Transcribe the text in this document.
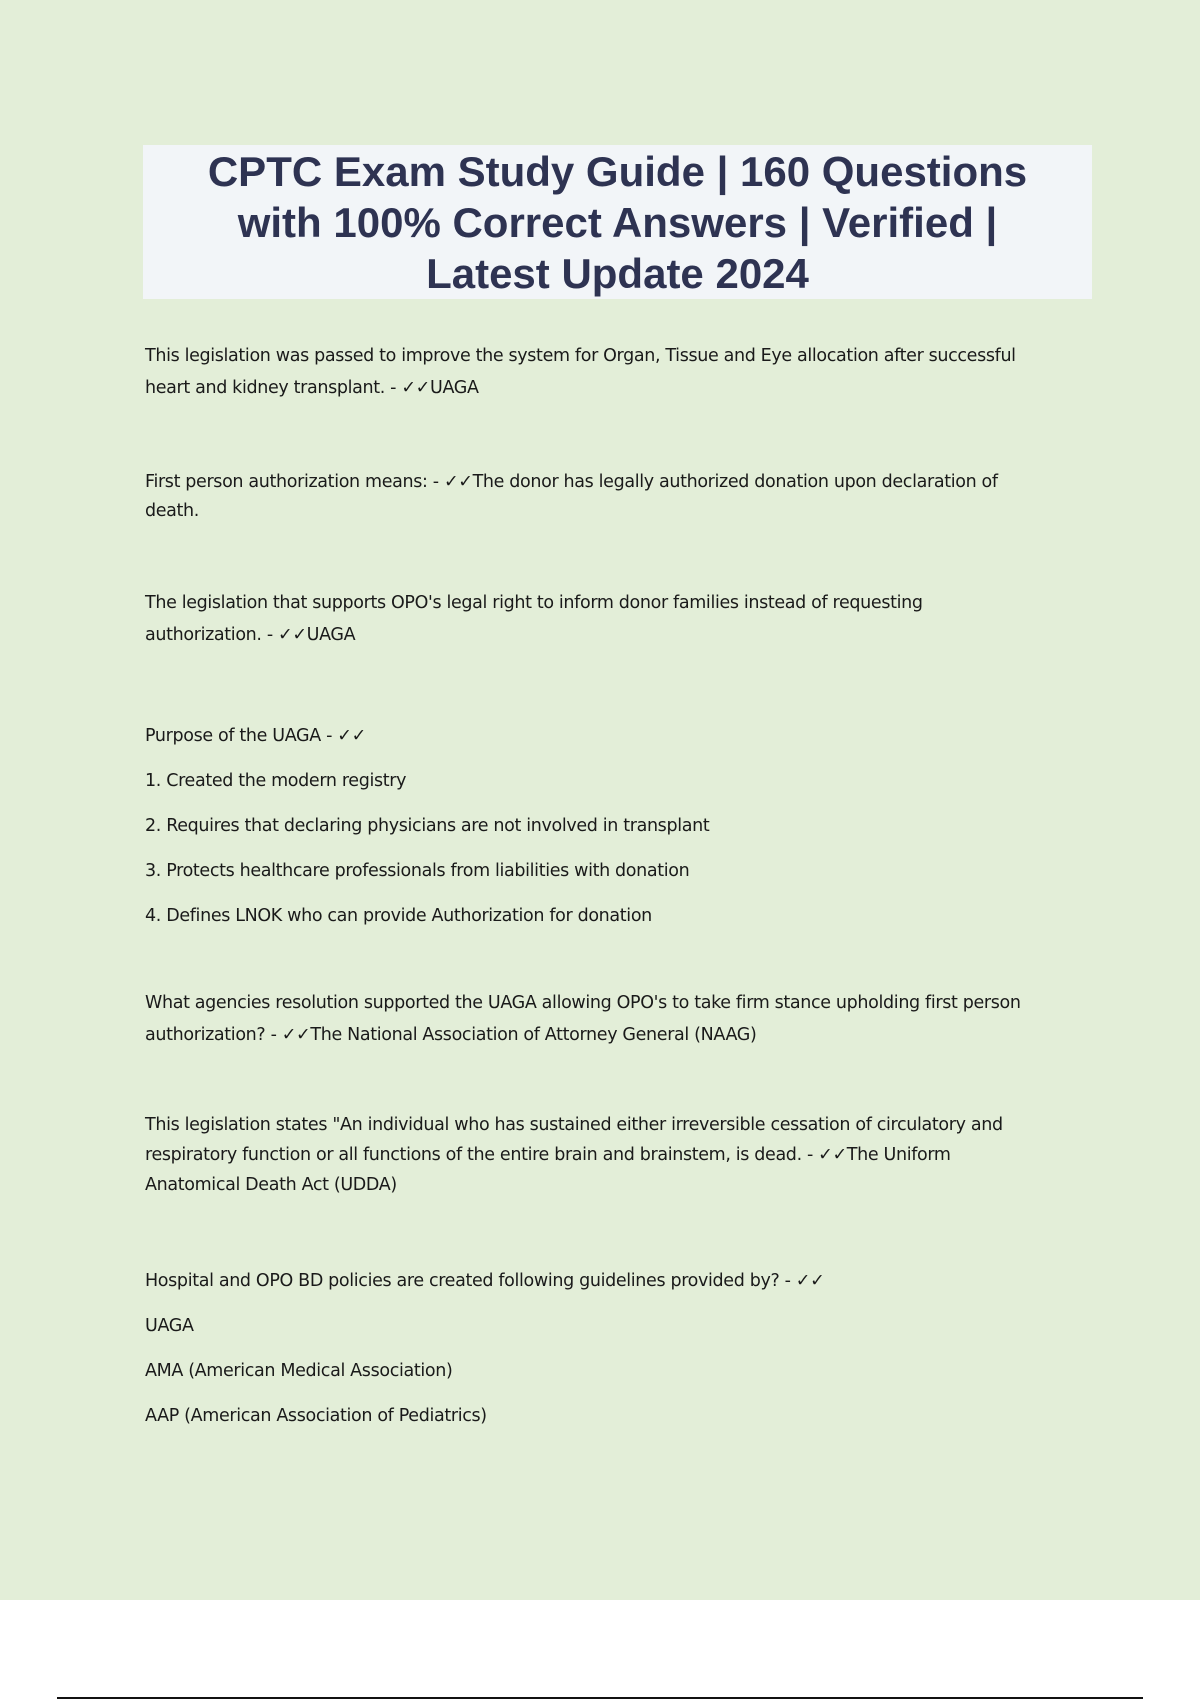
CPTC Exam Study Guide | 160 Questions
with 100% Correct Answers | Verified |
Latest Update 2024

This legislation was passed to improve the system for Organ, Tissue and Eye allocation after successful
heart and kidney transplant. - ✓✓UAGA

First person authorization means: - ✓✓The donor has legally authorized donation upon declaration of
death.

The legislation that supports OPO's legal right to inform donor families instead of requesting
authorization. - ✓✓UAGA

Purpose of the UAGA - ✓✓
1. Created the modern registry
2. Requires that declaring physicians are not involved in transplant
3. Protects healthcare professionals from liabilities with donation
4. Defines LNOK who can provide Authorization for donation

What agencies resolution supported the UAGA allowing OPO's to take firm stance upholding first person
authorization? - ✓✓The National Association of Attorney General (NAAG)

This legislation states "An individual who has sustained either irreversible cessation of circulatory and
respiratory function or all functions of the entire brain and brainstem, is dead. - ✓✓The Uniform
Anatomical Death Act (UDDA)

Hospital and OPO BD policies are created following guidelines provided by? - ✓✓
UAGA
AMA (American Medical Association)
AAP (American Association of Pediatrics)
